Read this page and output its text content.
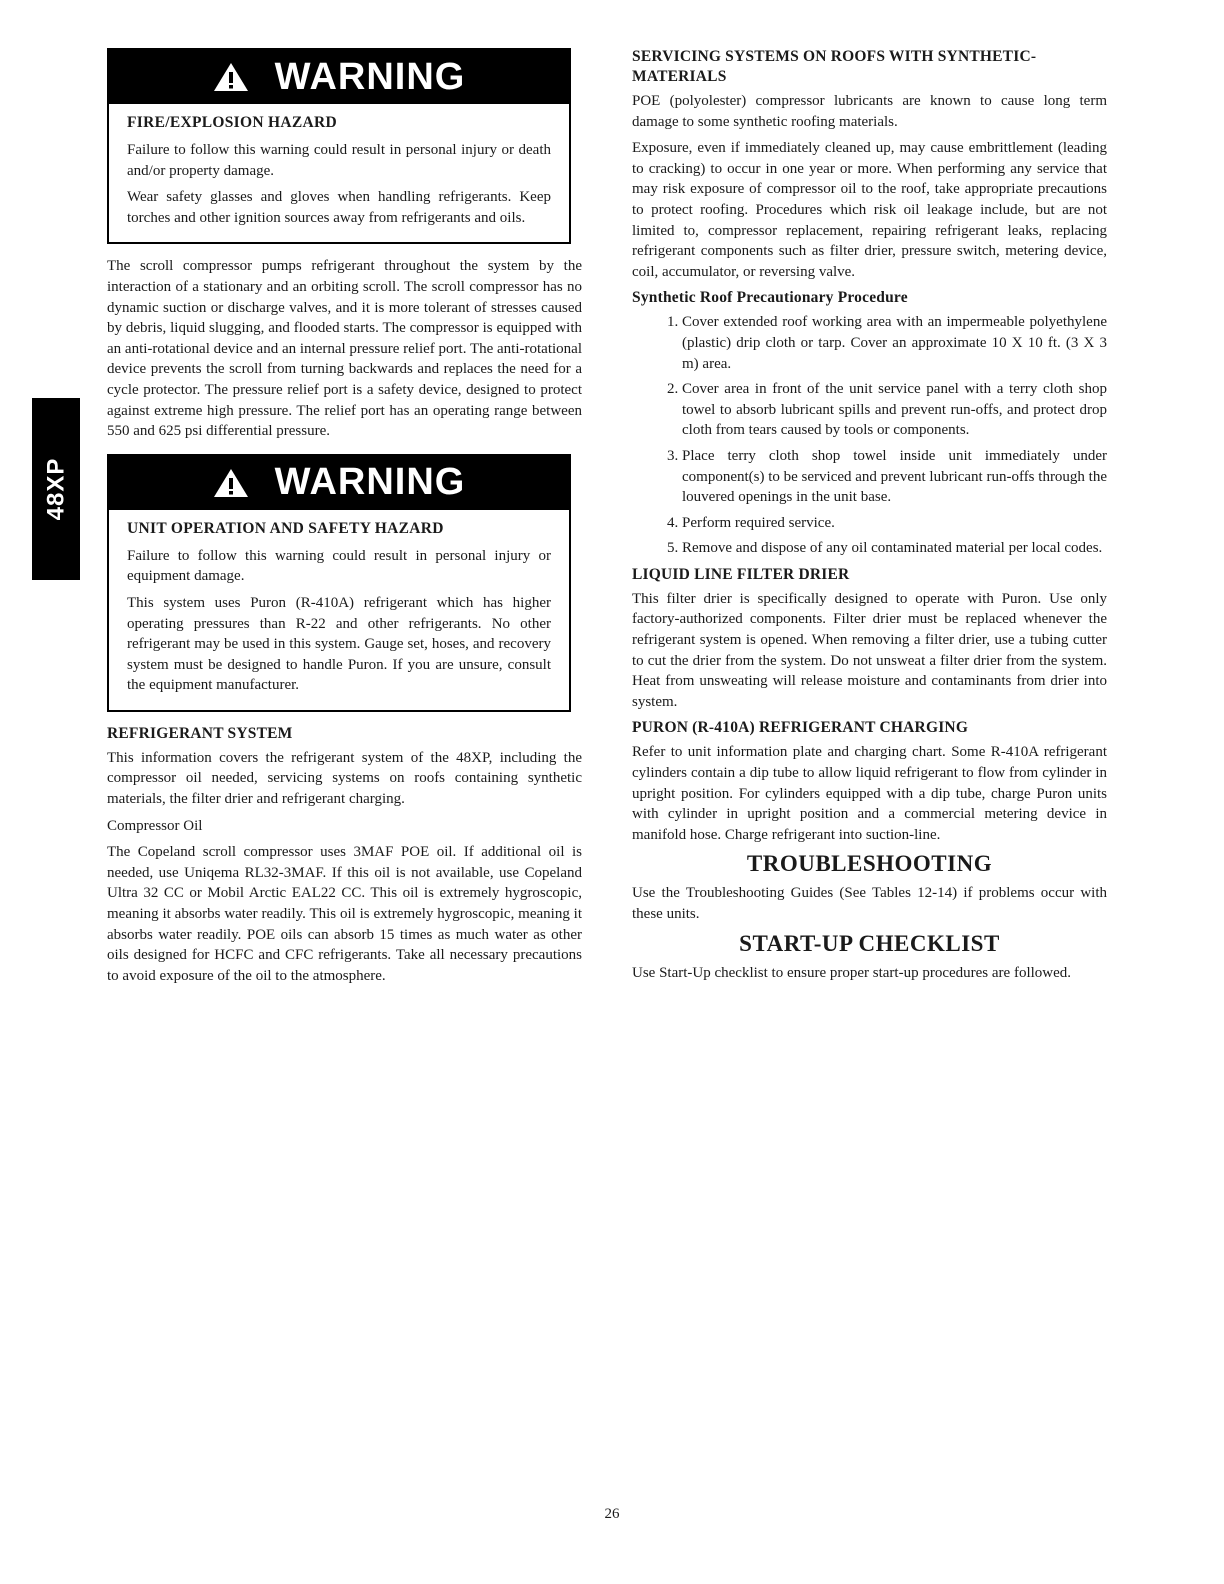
48XP
WARNING
FIRE/EXPLOSION HAZARD

Failure to follow this warning could result in personal injury or death and/or property damage.

Wear safety glasses and gloves when handling refrigerants. Keep torches and other ignition sources away from refrigerants and oils.

The scroll compressor pumps refrigerant throughout the system by the interaction of a stationary and an orbiting scroll. The scroll compressor has no dynamic suction or discharge valves, and it is more tolerant of stresses caused by debris, liquid slugging, and flooded starts. The compressor is equipped with an anti-rotational device and an internal pressure relief port. The anti-rotational device prevents the scroll from turning backwards and replaces the need for a cycle protector. The pressure relief port is a safety device, designed to protect against extreme high pressure. The relief port has an operating range between 550 and 625 psi differential pressure.

WARNING
UNIT OPERATION AND SAFETY HAZARD

Failure to follow this warning could result in personal injury or equipment damage.

This system uses Puron (R-410A) refrigerant which has higher operating pressures than R-22 and other refrigerants. No other refrigerant may be used in this system. Gauge set, hoses, and recovery system must be designed to handle Puron. If you are unsure, consult the equipment manufacturer.

REFRIGERANT SYSTEM

This information covers the refrigerant system of the 48XP, including the compressor oil needed, servicing systems on roofs containing synthetic materials, the filter drier and refrigerant charging.

Compressor Oil

The Copeland scroll compressor uses 3MAF POE oil. If additional oil is needed, use Uniqema RL32-3MAF. If this oil is not available, use Copeland Ultra 32 CC or Mobil Arctic EAL22 CC. This oil is extremely hygroscopic, meaning it absorbs water readily. This oil is extremely hygroscopic, meaning it absorbs water readily. POE oils can absorb 15 times as much water as other oils designed for HCFC and CFC refrigerants. Take all necessary precautions to avoid exposure of the oil to the atmosphere.

SERVICING SYSTEMS ON ROOFS WITH SYNTHETIC-MATERIALS

POE (polyolester) compressor lubricants are known to cause long term damage to some synthetic roofing materials.

Exposure, even if immediately cleaned up, may cause embrittlement (leading to cracking) to occur in one year or more. When performing any service that may risk exposure of compressor oil to the roof, take appropriate precautions to protect roofing. Procedures which risk oil leakage include, but are not limited to, compressor replacement, repairing refrigerant leaks, replacing refrigerant components such as filter drier, pressure switch, metering device, coil, accumulator, or reversing valve.

Synthetic Roof Precautionary Procedure
1. Cover extended roof working area with an impermeable polyethylene (plastic) drip cloth or tarp. Cover an approximate 10 X 10 ft. (3 X 3 m) area.
2. Cover area in front of the unit service panel with a terry cloth shop towel to absorb lubricant spills and prevent run-offs, and protect drop cloth from tears caused by tools or components.
3. Place terry cloth shop towel inside unit immediately under component(s) to be serviced and prevent lubricant run-offs through the louvered openings in the unit base.
4. Perform required service.
5. Remove and dispose of any oil contaminated material per local codes.
LIQUID LINE FILTER DRIER

This filter drier is specifically designed to operate with Puron. Use only factory-authorized components. Filter drier must be replaced whenever the refrigerant system is opened. When removing a filter drier, use a tubing cutter to cut the drier from the system. Do not unsweat a filter drier from the system. Heat from unsweating will release moisture and contaminants from drier into system.

PURON (R-410A) REFRIGERANT CHARGING

Refer to unit information plate and charging chart. Some R-410A refrigerant cylinders contain a dip tube to allow liquid refrigerant to flow from cylinder in upright position. For cylinders equipped with a dip tube, charge Puron units with cylinder in upright position and a commercial metering device in manifold hose. Charge refrigerant into suction-line.

TROUBLESHOOTING

Use the Troubleshooting Guides (See Tables 12-14) if problems occur with these units.

START-UP CHECKLIST

Use Start-Up checklist to ensure proper start-up procedures are followed.

26
